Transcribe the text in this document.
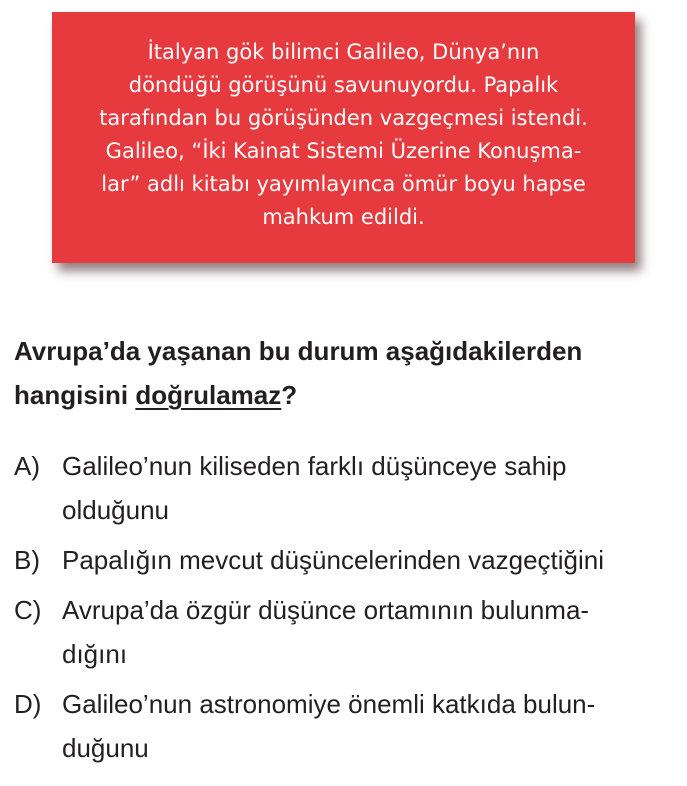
İtalyan gök bilimci Galileo, Dünya’nın
döndüğü görüşünü savunuyordu. Papalık
tarafından bu görüşünden vazgeçmesi istendi.
Galileo, “İki Kainat Sistemi Üzerine Konuşma-
lar” adlı kitabı yayımlayınca ömür boyu hapse
mahkum edildi.

Avrupa’da yaşanan bu durum aşağıdakilerden
hangisini doğrulamaz?

A) Galileo’nun kiliseden farklı düşünceye sahip
olduğunu
B) Papalığın mevcut düşüncelerinden vazgeçtiğini
C) Avrupa’da özgür düşünce ortamının bulunma-
dığını
D) Galileo’nun astronomiye önemli katkıda bulun-
duğunu
